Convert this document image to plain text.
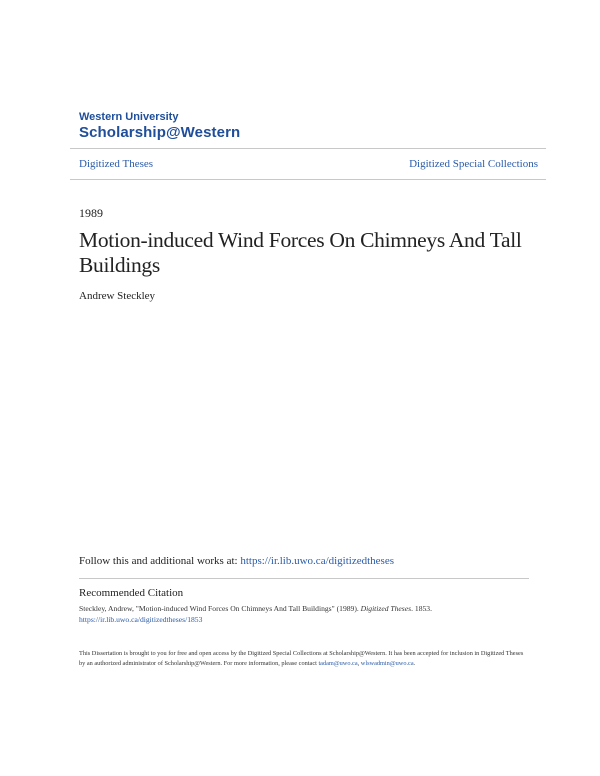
Western University
Scholarship@Western
Digitized Theses	Digitized Special Collections
1989
Motion-induced Wind Forces On Chimneys And Tall Buildings
Andrew Steckley
Follow this and additional works at: https://ir.lib.uwo.ca/digitizedtheses
Recommended Citation
Steckley, Andrew, "Motion-induced Wind Forces On Chimneys And Tall Buildings" (1989). Digitized Theses. 1853.
https://ir.lib.uwo.ca/digitizedtheses/1853
This Dissertation is brought to you for free and open access by the Digitized Special Collections at Scholarship@Western. It has been accepted for inclusion in Digitized Theses by an authorized administrator of Scholarship@Western. For more information, please contact tadam@uwo.ca, wlswadmin@uwo.ca.
